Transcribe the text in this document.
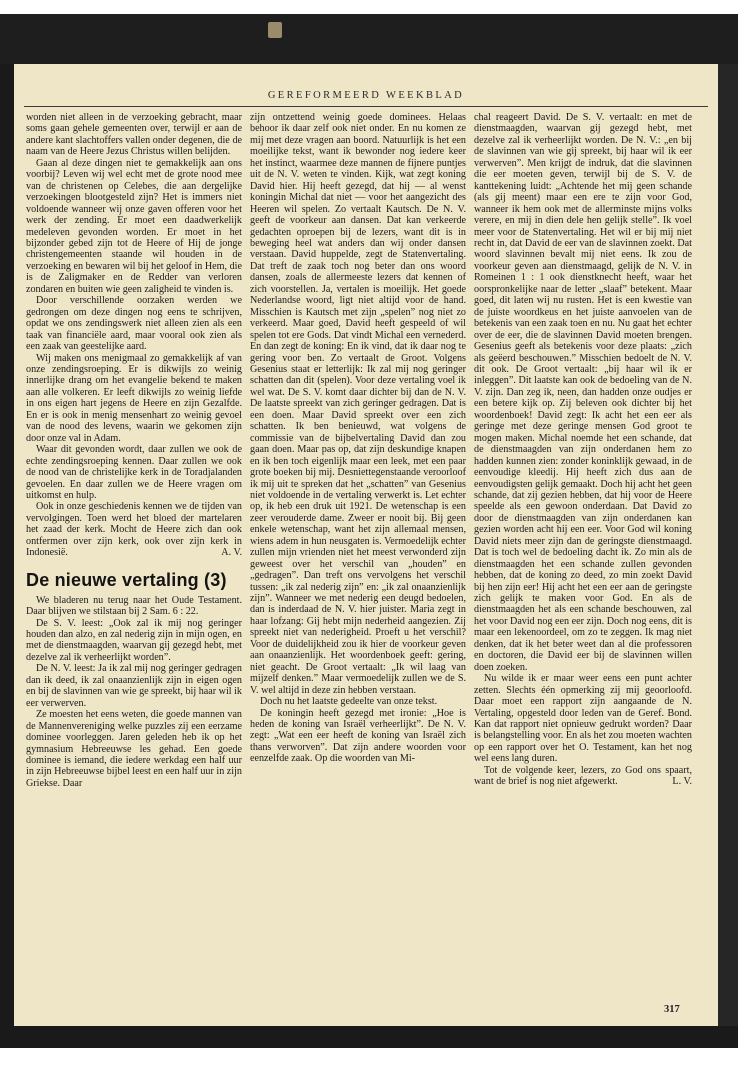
GEREFORMEERD WEEKBLAD

worden niet alleen in de verzoeking gebracht, maar soms gaan gehele gemeenten over, terwijl er aan de andere kant slachtoffers vallen onder degenen, die de naam van de Heere Jezus Christus willen belijden.

Gaan al deze dingen niet te gemakkelijk aan ons voorbij? Leven wij wel echt met de grote nood mee van de christenen op Celebes, die aan dergelijke verzoekingen blootgesteld zijn? Het is immers niet voldoende wanneer wij onze gaven offeren voor het werk der zending. Er moet een daadwerkelijk medeleven gevonden worden. Er moet in het bijzonder gebed zijn tot de Heere of Hij de jonge christengemeenten staande wil houden in de verzoeking en bewaren wil bij het geloof in Hem, die is de Zaligmaker en de Redder van verloren zondaren en buiten wie geen zaligheid te vinden is.

Door verschillende oorzaken werden we gedrongen om deze dingen nog eens te schrijven, opdat we ons zendingswerk niet alleen zien als een taak van financiële aard, maar vooral ook zien als een zaak van geestelijke aard.

Wij maken ons menigmaal zo gemakkelijk af van onze zendingsroeping. Er is dikwijls zo weinig innerlijke drang om het evangelie bekend te maken aan alle volkeren. Er leeft dikwijls zo weinig liefde in ons eigen hart jegens de Heere en zijn Gezalfde. En er is ook in menig mensenhart zo weinig gevoel van de nood des levens, waarin we gekomen zijn door onze val in Adam.

Waar dit gevonden wordt, daar zullen we ook de echte zendingsroeping kennen. Daar zullen we ook de nood van de christelijke kerk in de Toradjalanden gevoelen. En daar zullen we de Heere vragen om uitkomst en hulp.

Ook in onze geschiedenis kennen we de tijden van vervolgingen. Toen werd het bloed der martelaren het zaad der kerk. Mocht de Heere zich dan ook ontfermen over zijn kerk, ook over zijn kerk in Indonesië.	A. V.

De nieuwe vertaling (3)

We bladeren nu terug naar het Oude Testament. Daar blijven we stilstaan bij 2 Sam. 6 : 22.

De S. V. leest: „Ook zal ik mij nog geringer houden dan alzo, en zal nederig zijn in mijn ogen, en met de dienstmaagden, waarvan gij gezegd hebt, met dezelve zal ik verheerlijkt worden”.

De N. V. leest: Ja ik zal mij nog geringer gedragen dan ik deed, ik zal onaanzienlijk zijn in eigen ogen en bij de slavinnen van wie ge spreekt, bij haar wil ik eer verwerven.

Ze moesten het eens weten, die goede mannen van de Mannenvereniging welke puzzles zij een eerzame dominee voorleggen. Jaren geleden heb ik op het gymnasium Hebreeuwse les gehad. Een goede dominee is iemand, die iedere werkdag een half uur in zijn Hebreeuwse bijbel leest en een half uur in zijn Griekse. Daar

zijn ontzettend weinig goede dominees. Helaas behoor ik daar zelf ook niet onder. En nu komen ze mij met deze vragen aan boord. Natuurlijk is het een moeilijke tekst, want ik bewonder nog iedere keer het instinct, waarmee deze mannen de fijnere puntjes uit de N. V. weten te vinden. Kijk, wat zegt koning David hier. Hij heeft gezegd, dat hij — al wenst koningin Michal dat niet — voor het aangezicht des Heeren wil spelen. Zo vertaalt Kautsch. De N. V. geeft de voorkeur aan dansen. Dat kan verkeerde gedachten oproepen bij de lezers, want dit is in beweging heel wat anders dan wij onder dansen verstaan. David huppelde, zegt de Statenvertaling. Dat treft de zaak toch nog beter dan ons woord dansen, zoals de allermeeste lezers dat kennen of zich voorstellen. Ja, vertalen is moeilijk. Het goede Nederlandse woord, ligt niet altijd voor de hand. Misschien is Kautsch met zijn „spelen” nog niet zo verkeerd. Maar goed, David heeft gespeeld of wil spelen tot ere Gods. Dat vindt Michal een vernederd. En dan zegt de koning: En ik vind, dat ik daar nog te gering voor ben. Zo vertaalt de Groot. Volgens Gesenius staat er letterlijk: Ik zal mij nog geringer schatten dan dit (spelen). Voor deze vertaling voel ik wel wat. De S. V. komt daar dichter bij dan de N. V. De laatste spreekt van zich geringer gedragen. Dat is een doen. Maar David spreekt over een zich schatten. Ik ben benieuwd, wat volgens de commissie van de bijbelvertaling David dan zou gaan doen. Maar pas op, dat zijn deskundige knapen en ik ben toch eigenlijk maar een leek, met een paar grote boeken bij mij. Desniettegenstaande veroorloof ik mij uit te spreken dat het „schatten” van Gesenius niet voldoende in de vertaling verwerkt is. Let echter op, ik heb een druk uit 1921. De wetenschap is een zeer verouderde dame. Zweer er nooit bij. Bij geen enkele wetenschap, want het zijn allemaal mensen, wiens adem in hun neusgaten is. Vermoedelijk echter zullen mijn vrienden niet het meest verwonderd zijn geweest over het verschil van „houden” en „gedragen”. Dan treft ons vervolgens het verschil tussen: „ik zal nederig zijn” en: „ik zal onaanzienlijk zijn”. Wanneer we met nederig een deugd bedoelen, dan is inderdaad de N. V. hier juister. Maria zegt in haar lofzang: Gij hebt mijn nederheid aangezien. Zij spreekt niet van nederigheid. Proeft u het verschil? Voor de duidelijkheid zou ik hier de voorkeur geven aan onaanzienlijk. Het woordenboek geeft: gering, niet geacht. De Groot vertaalt: „Ik wil laag van mijzelf denken.” Maar vermoedelijk zullen we de S. V. wel altijd in deze zin hebben verstaan.

Doch nu het laatste gedeelte van onze tekst.

De koningin heeft gezegd met ironie: „Hoe is heden de koning van Israël verheerlijkt”. De N. V. zegt: „Wat een eer heeft de koning van Israël zich thans verworven”. Dat zijn andere woorden voor eenzelfde zaak. Op die woorden van Mi-

chal reageert David. De S. V. vertaalt: en met de dienstmaagden, waarvan gij gezegd hebt, met dezelve zal ik verheerlijkt worden. De N. V.: „en bij de slavinnen van wie gij spreekt, bij haar wil ik eer verwerven”. Men krijgt de indruk, dat die slavinnen die eer moeten geven, terwijl bij de S. V. de kanttekening luidt: „Achtende het mij geen schande (als gij meent) maar een ere te zijn voor God, wanneer ik hem ook met de allerminste mijns volks verere, en mij in dien dele hen gelijk stelle”. Ik voel meer voor de Statenvertaling. Het wil er bij mij niet recht in, dat David de eer van de slavinnen zoekt. Dat woord slavinnen bevalt mij niet eens. Ik zou de voorkeur geven aan dienstmaagd, gelijk de N. V. in Romeinen 1 : 1 ook dienstknecht heeft, waar het oorspronkelijke naar de letter „slaaf” betekent. Maar goed, dit laten wij nu rusten. Het is een kwestie van de juiste woordkeus en het juiste aanvoelen van de betekenis van een zaak toen en nu. Nu gaat het echter over de eer, die de slavinnen David moeten brengen. Gesenius geeft als betekenis voor deze plaats: „zich als geëerd beschouwen.” Misschien bedoelt de N. V. dit ook. De Groot vertaalt: „bij haar wil ik er inleggen”. Dit laatste kan ook de bedoeling van de N. V. zijn. Dan zeg ik, neen, dan hadden onze oudjes er een betere kijk op. Zij beleven ook dichter bij het woordenboek! David zegt: Ik acht het een eer als geringe met deze geringe mensen God groot te mogen maken. Michal noemde het een schande, dat de dienstmaagden van zijn onderdanen hem zo hadden kunnen zien: zonder koninklijk gewaad, in de eenvoudige kleedij. Hij heeft zich dus aan de eenvoudigsten gelijk gemaakt. Doch hij acht het geen schande, dat zij gezien hebben, dat hij voor de Heere speelde als een gewoon onderdaan. Dat David zo door de dienstmaagden van zijn onderdanen kan gezien worden acht hij een eer. Voor God wil koning David niets meer zijn dan de geringste dienstmaagd. Dat is toch wel de bedoeling dacht ik. Zo min als de dienstmaagden het een schande zullen gevonden hebben, dat de koning zo deed, zo min zoekt David bij hen zijn eer! Hij acht het een eer aan de geringste zich gelijk te maken voor God. En als de dienstmaagden het als een schande beschouwen, zal het voor David nog een eer zijn. Doch nog eens, dit is maar een lekenoordeel, om zo te zeggen. Ik mag niet denken, dat ik het beter weet dan al die professoren en doctoren, die David eer bij de slavinnen willen doen zoeken.

Nu wilde ik er maar weer eens een punt achter zetten. Slechts één opmerking zij mij geoorloofd. Daar moet een rapport zijn aangaande de N. Vertaling, opgesteld door leden van de Geref. Bond. Kan dat rapport niet opnieuw gedrukt worden? Daar is belangstelling voor. En als het zou moeten wachten op een rapport over het O. Testament, kan het nog wel eens lang duren.

Tot de volgende keer, lezers, zo God ons spaart, want de brief is nog niet afgewerkt.	L. V.

317
